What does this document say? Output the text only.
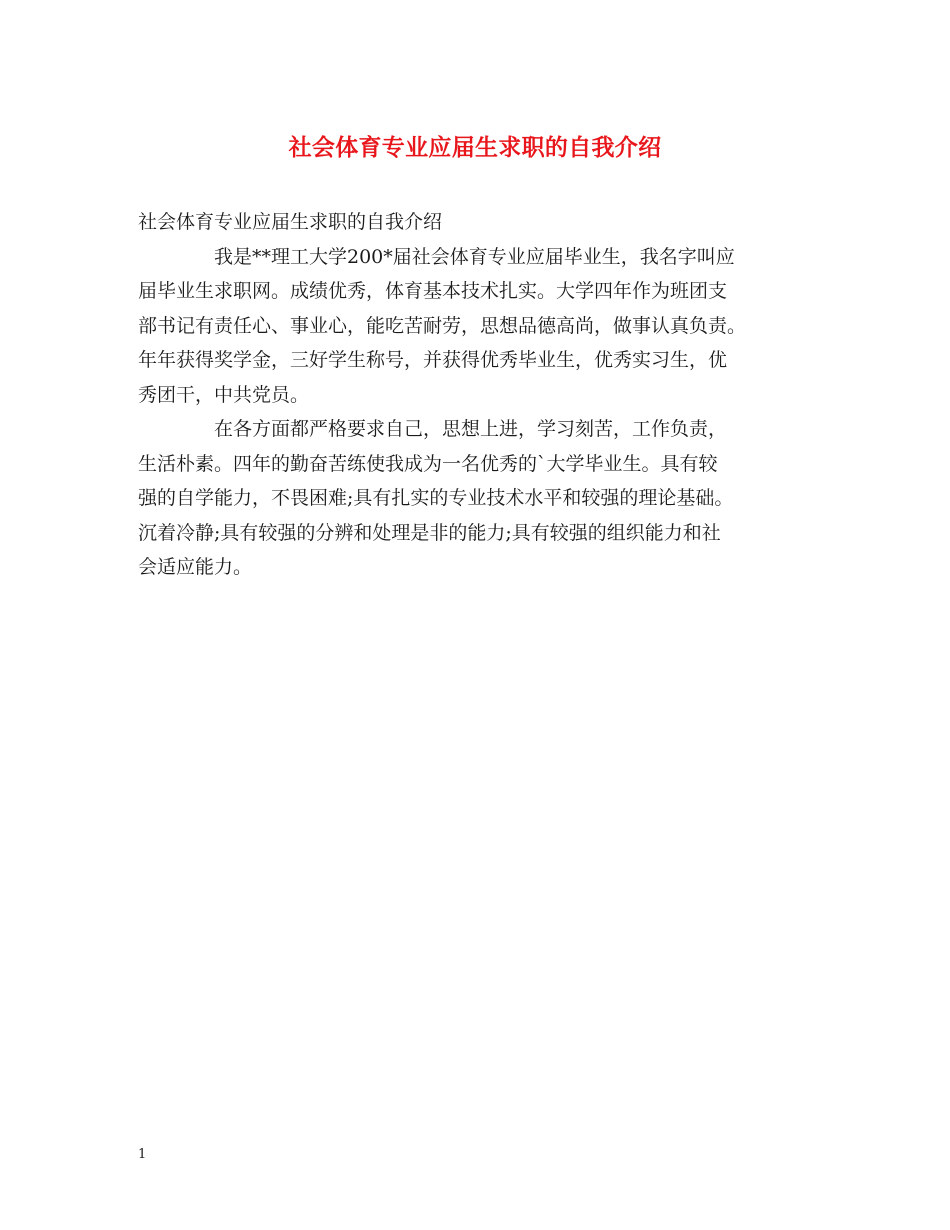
社会体育专业应届生求职的自我介绍

社会体育专业应届生求职的自我介绍

我是**理工大学200*届社会体育专业应届毕业生，我名字叫应
届毕业生求职网。成绩优秀，体育基本技术扎实。大学四年作为班团支
部书记有责任心、事业心，能吃苦耐劳，思想品德高尚，做事认真负责。
年年获得奖学金，三好学生称号，并获得优秀毕业生，优秀实习生，优
秀团干，中共党员。

在各方面都严格要求自己，思想上进，学习刻苦，工作负责，
生活朴素。四年的勤奋苦练使我成为一名优秀的`大学毕业生。具有较
强的自学能力，不畏困难;具有扎实的专业技术水平和较强的理论基础。
沉着冷静;具有较强的分辨和处理是非的能力;具有较强的组织能力和社
会适应能力。

1
